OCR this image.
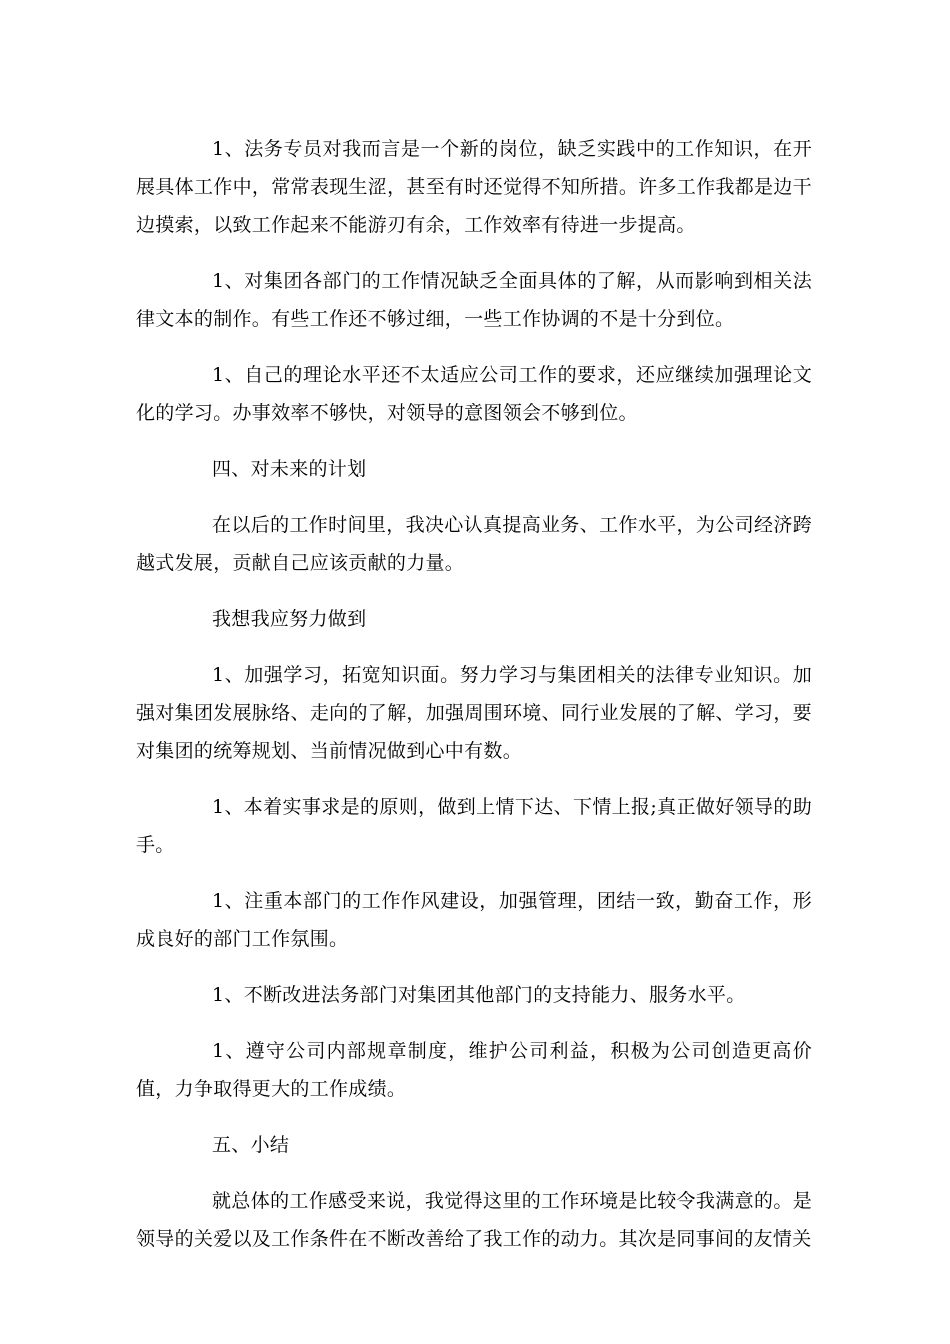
1、法务专员对我而言是一个新的岗位，缺乏实践中的工作知识，在开展具体工作中，常常表现生涩，甚至有时还觉得不知所措。许多工作我都是边干边摸索，以致工作起来不能游刃有余，工作效率有待进一步提高。

1、对集团各部门的工作情况缺乏全面具体的了解，从而影响到相关法律文本的制作。有些工作还不够过细，一些工作协调的不是十分到位。

1、自己的理论水平还不太适应公司工作的要求，还应继续加强理论文化的学习。办事效率不够快，对领导的意图领会不够到位。

四、对未来的计划

在以后的工作时间里，我决心认真提高业务、工作水平，为公司经济跨越式发展，贡献自己应该贡献的力量。

我想我应努力做到

1、加强学习，拓宽知识面。努力学习与集团相关的法律专业知识。加强对集团发展脉络、走向的了解，加强周围环境、同行业发展的了解、学习，要对集团的统筹规划、当前情况做到心中有数。

1、本着实事求是的原则，做到上情下达、下情上报;真正做好领导的助手。

1、注重本部门的工作作风建设，加强管理，团结一致，勤奋工作，形成良好的部门工作氛围。

1、不断改进法务部门对集团其他部门的支持能力、服务水平。

1、遵守公司内部规章制度，维护公司利益，积极为公司创造更高价值，力争取得更大的工作成绩。

五、小结

就总体的工作感受来说，我觉得这里的工作环境是比较令我满意的。是领导的关爱以及工作条件在不断改善给了我工作的动力。其次是同事间的友情关
